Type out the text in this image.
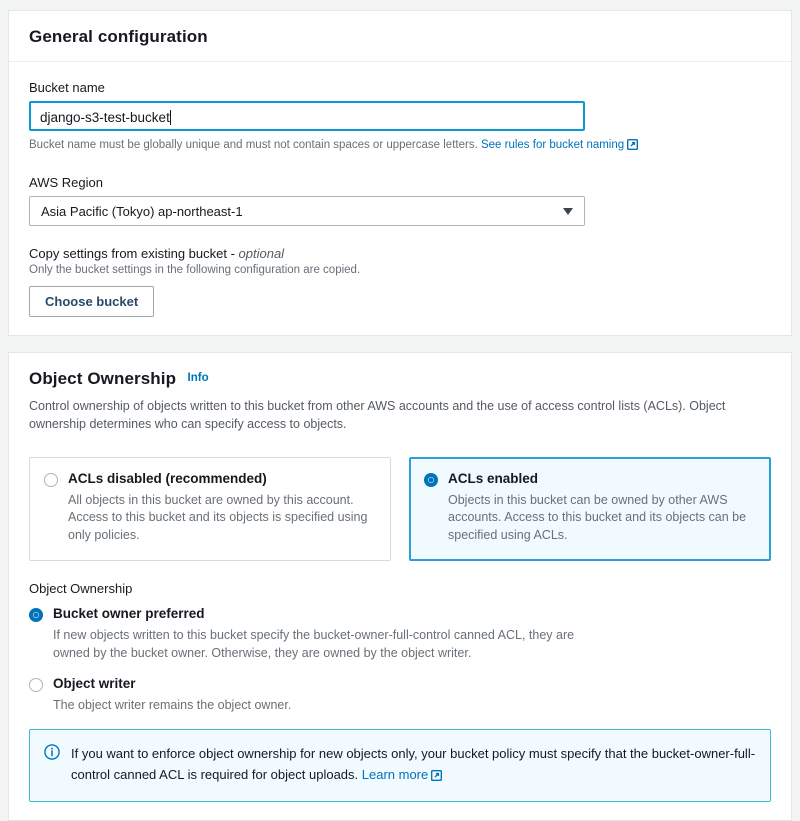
General configuration
Bucket name
django-s3-test-bucket
Bucket name must be globally unique and must not contain spaces or uppercase letters. See rules for bucket naming
AWS Region
Asia Pacific (Tokyo) ap-northeast-1
Copy settings from existing bucket - optional
Only the bucket settings in the following configuration are copied.
Choose bucket
Object Ownership Info
Control ownership of objects written to this bucket from other AWS accounts and the use of access control lists (ACLs). Object ownership determines who can specify access to objects.
ACLs disabled (recommended)
All objects in this bucket are owned by this account. Access to this bucket and its objects is specified using only policies.
ACLs enabled
Objects in this bucket can be owned by other AWS accounts. Access to this bucket and its objects can be specified using ACLs.
Object Ownership
Bucket owner preferred
If new objects written to this bucket specify the bucket-owner-full-control canned ACL, they are owned by the bucket owner. Otherwise, they are owned by the object writer.
Object writer
The object writer remains the object owner.
If you want to enforce object ownership for new objects only, your bucket policy must specify that the bucket-owner-full-control canned ACL is required for object uploads. Learn more
